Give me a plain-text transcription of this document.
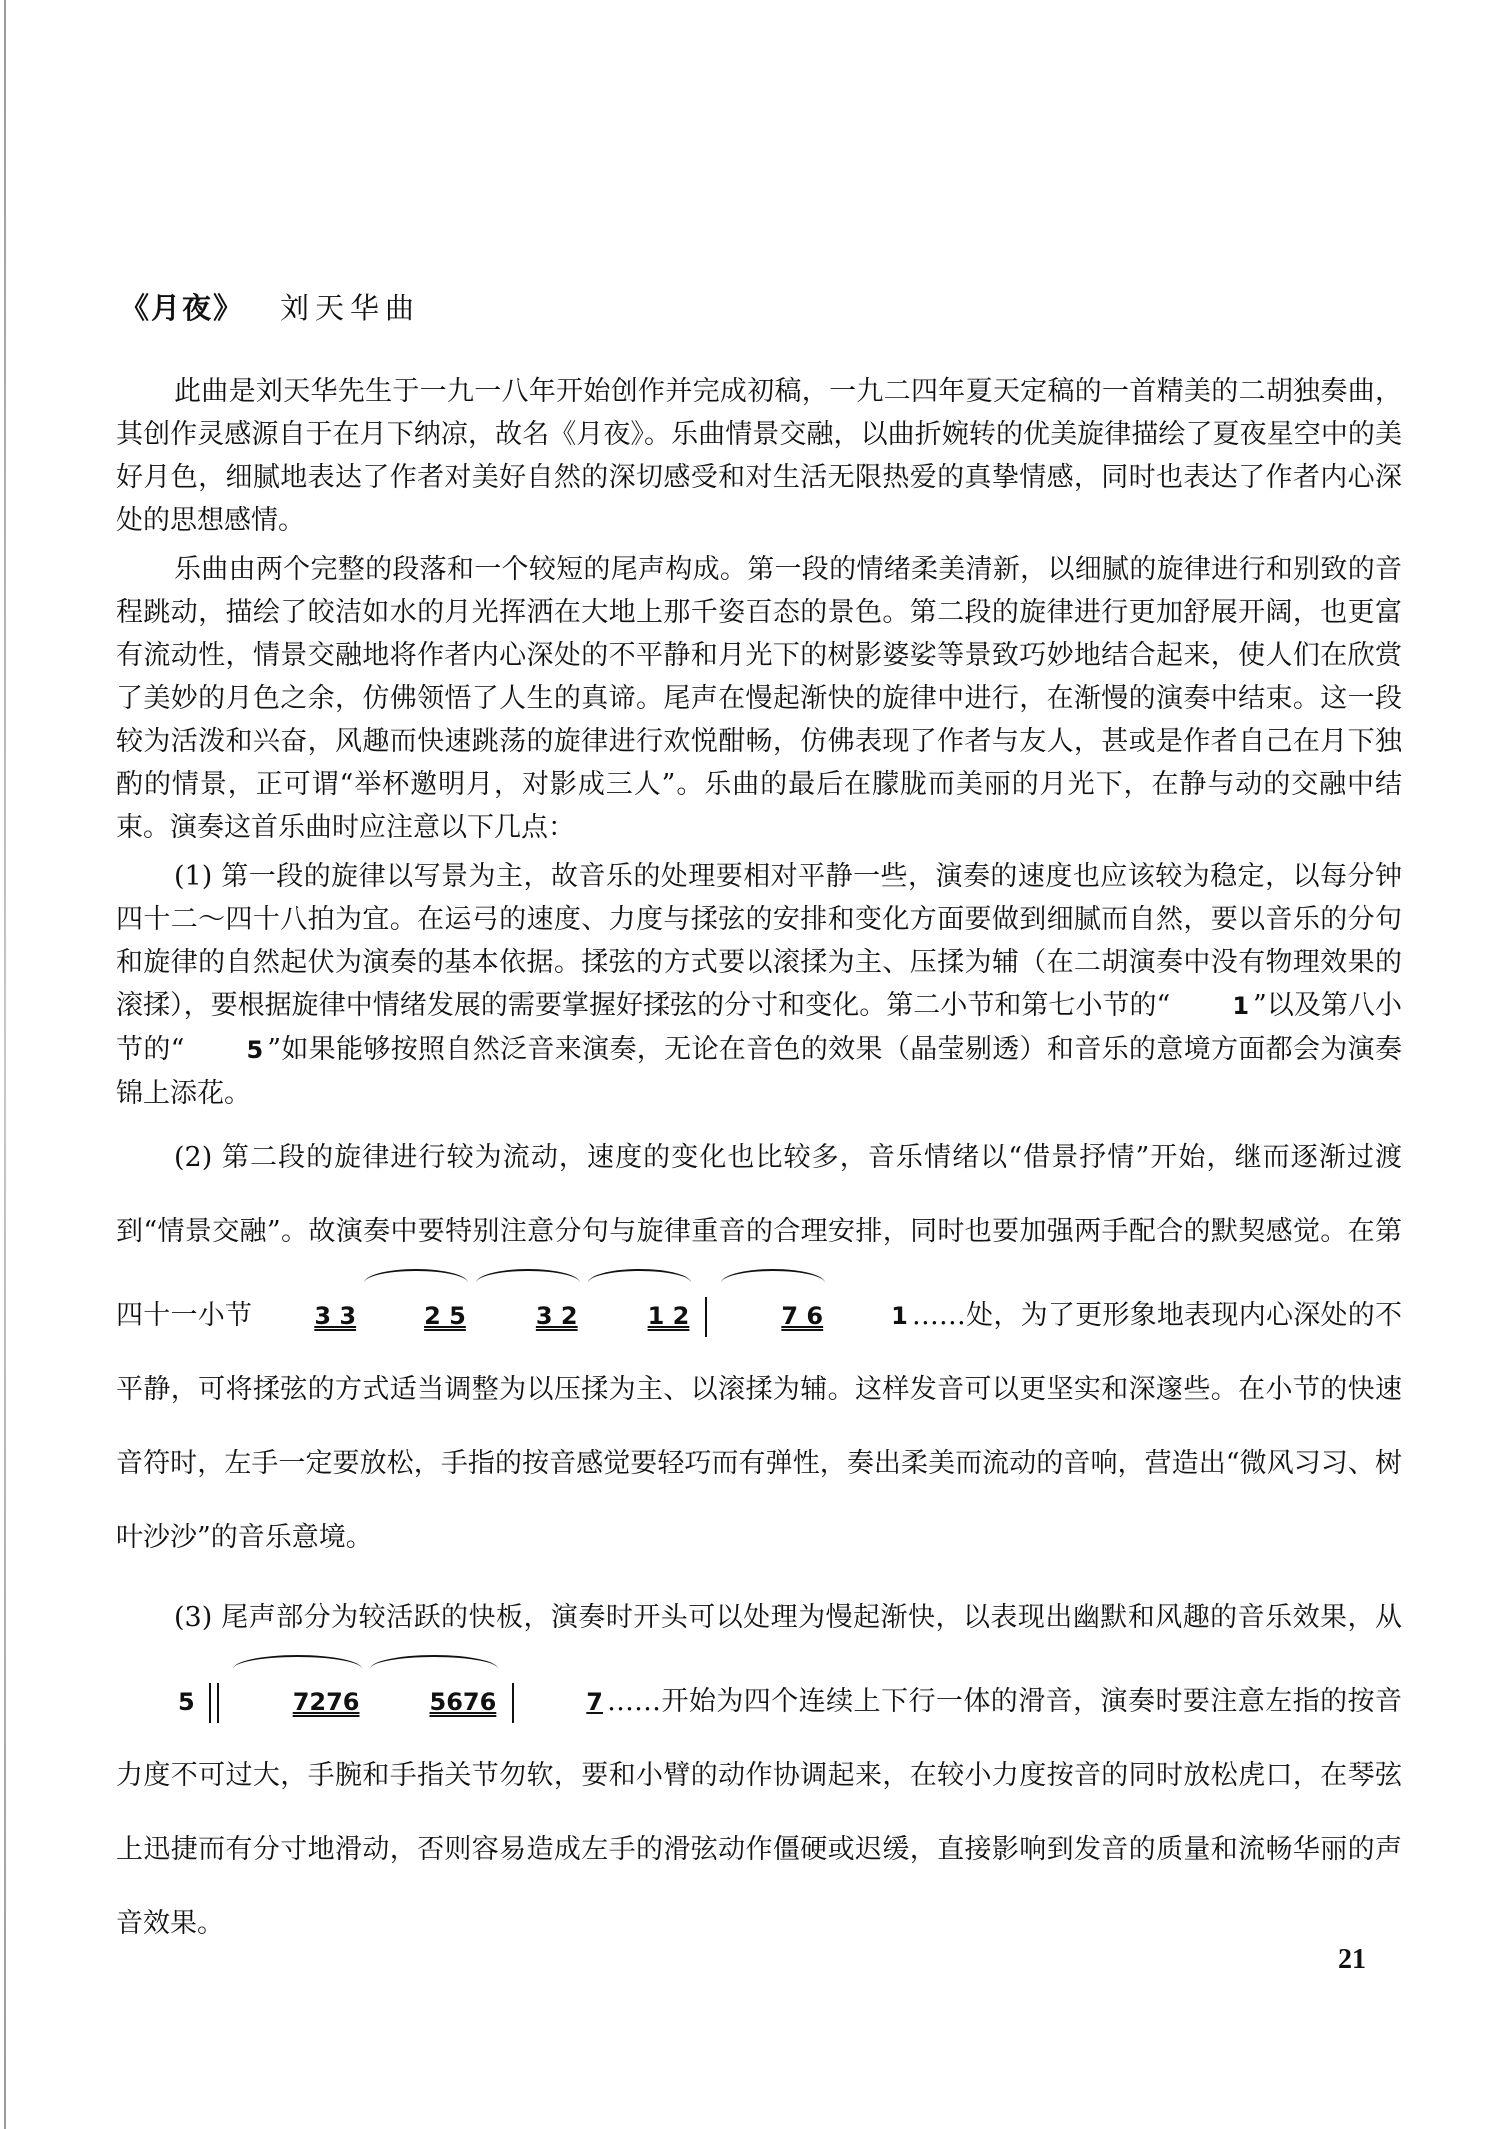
《月夜》 刘天华曲

此曲是刘天华先生于一九一八年开始创作并完成初稿，一九二四年夏天定稿的一首精美的二胡独奏曲，其创作灵感源自于在月下纳凉，故名《月夜》。乐曲情景交融，以曲折婉转的优美旋律描绘了夏夜星空中的美好月色，细腻地表达了作者对美好自然的深切感受和对生活无限热爱的真挚情感，同时也表达了作者内心深处的思想感情。

乐曲由两个完整的段落和一个较短的尾声构成。第一段的情绪柔美清新，以细腻的旋律进行和别致的音程跳动，描绘了皎洁如水的月光挥洒在大地上那千姿百态的景色。第二段的旋律进行更加舒展开阔，也更富有流动性，情景交融地将作者内心深处的不平静和月光下的树影婆娑等景致巧妙地结合起来，使人们在欣赏了美妙的月色之余，仿佛领悟了人生的真谛。尾声在慢起渐快的旋律中进行，在渐慢的演奏中结束。这一段较为活泼和兴奋，风趣而快速跳荡的旋律进行欢悦酣畅，仿佛表现了作者与友人，甚或是作者自己在月下独酌的情景，正可谓“举杯邀明月，对影成三人”。乐曲的最后在朦胧而美丽的月光下，在静与动的交融中结束。演奏这首乐曲时应注意以下几点：

(1) 第一段的旋律以写景为主，故音乐的处理要相对平静一些，演奏的速度也应该较为稳定，以每分钟四十二～四十八拍为宜。在运弓的速度、力度与揉弦的安排和变化方面要做到细腻而自然，要以音乐的分句和旋律的自然起伏为演奏的基本依据。揉弦的方式要以滚揉为主、压揉为辅（在二胡演奏中没有物理效果的滚揉），要根据旋律中情绪发展的需要掌握好揉弦的分寸和变化。第二小节和第七小节的“	1 ”以及第八小节的“	5 ”如果能够按照自然泛音来演奏，无论在音色的效果（晶莹剔透）和音乐的意境方面都会为演奏锦上添花。

(2) 第二段的旋律进行较为流动，速度的变化也比较多，音乐情绪以“借景抒情”开始，继而逐渐过渡到“情景交融”。故演奏中要特别注意分句与旋律重音的合理安排，同时也要加强两手配合的默契感觉。在第四十一小节	3 3	2 5	3 2	1 2	7 6	1 ……处，为了更形象地表现内心深处的不平静，可将揉弦的方式适当调整为以压揉为主、以滚揉为辅。这样发音可以更坚实和深邃些。在小节的快速音符时，左手一定要放松，手指的按音感觉要轻巧而有弹性，奏出柔美而流动的音响，营造出“微风习习、树叶沙沙”的音乐意境。

(3) 尾声部分为较活跃的快板，演奏时开头可以处理为慢起渐快，以表现出幽默和风趣的音乐效果，从5	7276	5676	7 ……开始为四个连续上下行一体的滑音，演奏时要注意左指的按音力度不可过大，手腕和手指关节勿软，要和小臂的动作协调起来，在较小力度按音的同时放松虎口，在琴弦上迅捷而有分寸地滑动，否则容易造成左手的滑弦动作僵硬或迟缓，直接影响到发音的质量和流畅华丽的声音效果。

21
